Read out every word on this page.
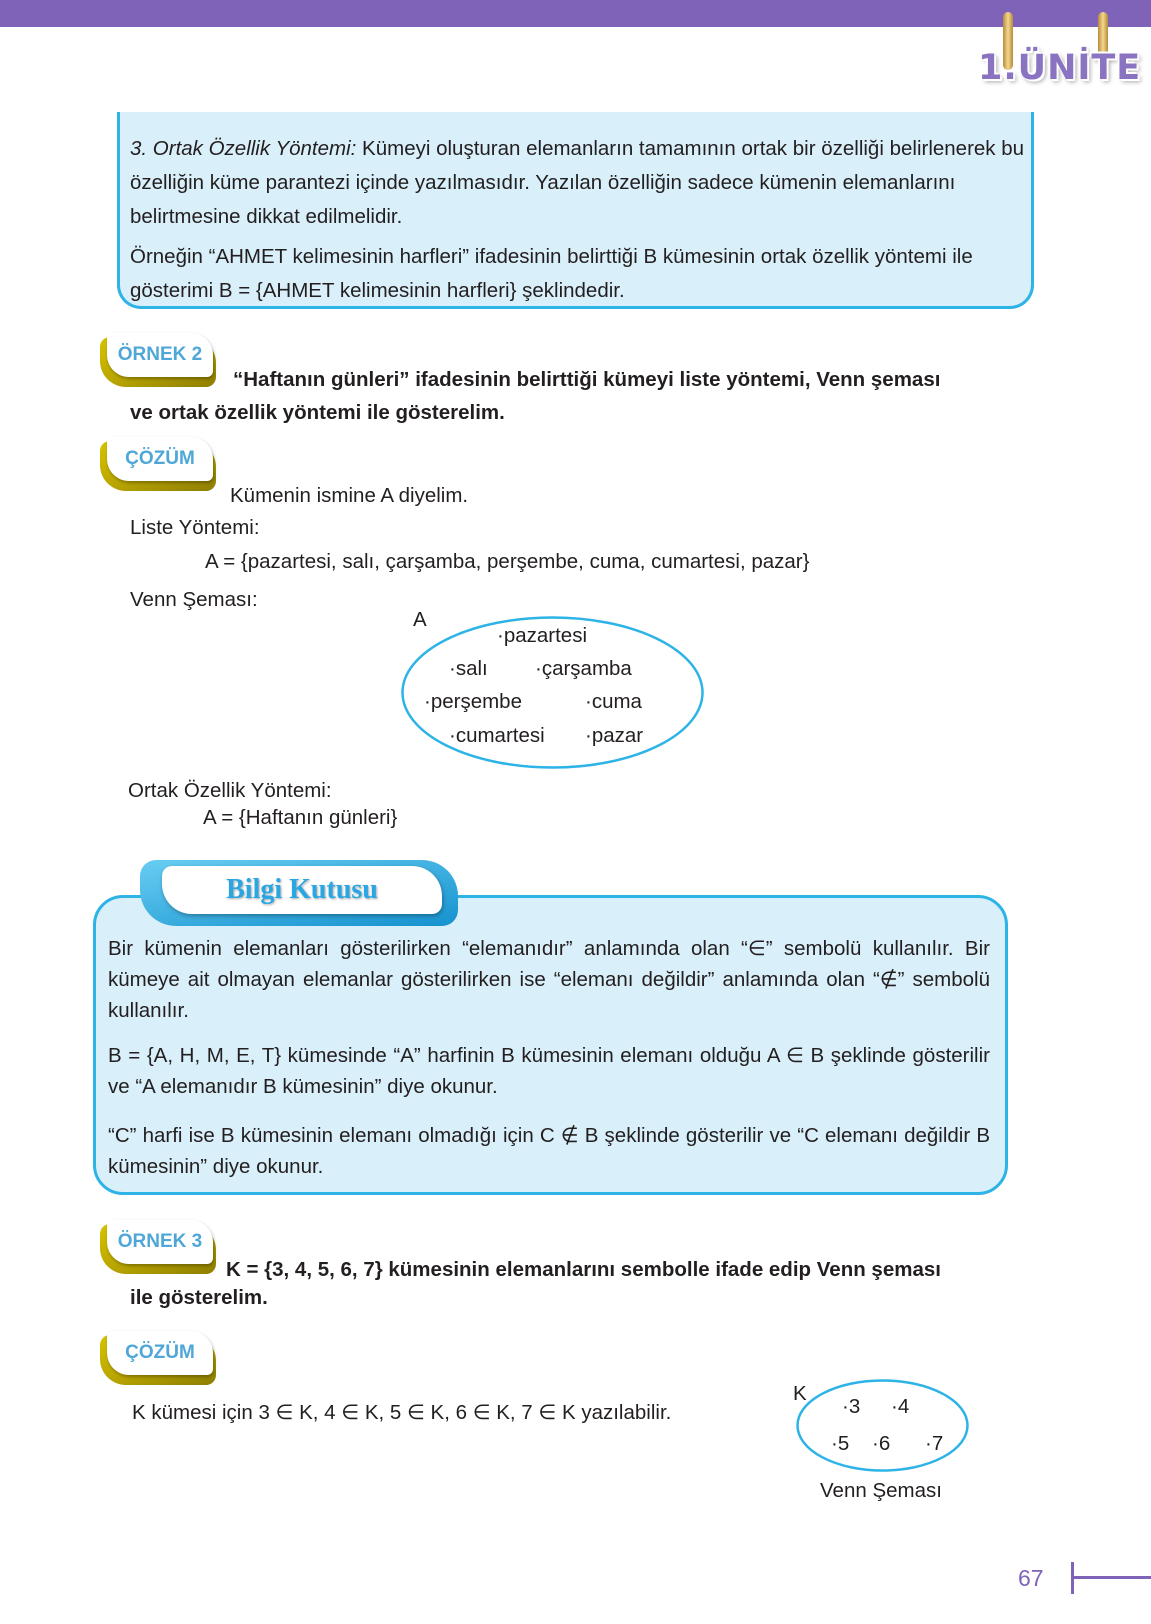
1.ÜNİTE

3. Ortak Özellik Yöntemi: Kümeyi oluşturan elemanların tamamının ortak bir özelliği belirlenerek bu özelliğin küme parantezi içinde yazılmasıdır. Yazılan özelliğin sadece kümenin elemanlarını belirtmesine dikkat edilmelidir.

Örneğin “AHMET kelimesinin harfleri” ifadesinin belirttiği B kümesinin ortak özellik yöntemi ile gösterimi B = {AHMET kelimesinin harfleri} şeklindedir.

ÖRNEK 2

“Haftanın günleri” ifadesinin belirttiği kümeyi liste yöntemi, Venn şeması

ve ortak özellik yöntemi ile gösterelim.

ÇÖZÜM

Kümenin ismine A diyelim.

Liste Yöntemi:

A = {pazartesi, salı, çarşamba, perşembe, cuma, cumartesi, pazar}

Venn Şeması:

A

·pazartesi
·salı ·çarşamba
·perşembe	·cuma
·cumartesi ·pazar

Ortak Özellik Yöntemi:

A = {Haftanın günleri}

Bilgi Kutusu

Bir kümenin elemanları gösterilirken “elemanıdır” anlamında olan “∈” sembolü kullanılır. Bir kümeye ait olmayan elemanlar gösterilirken ise “elemanı değildir” anlamında olan “∉” sembolü kullanılır.

B = {A, H, M, E, T} kümesinde “A” harfinin B kümesinin elemanı olduğu A ∈ B şeklinde gösterilir ve “A elemanıdır B kümesinin” diye okunur.

“C” harfi ise B kümesinin elemanı olmadığı için C ∉ B şeklinde gösterilir ve “C elemanı değildir B kümesinin” diye okunur.

ÖRNEK 3

K = {3, 4, 5, 6, 7} kümesinin elemanlarını sembolle ifade edip Venn şeması

ile gösterelim.

ÇÖZÜM

K kümesi için 3 ∈ K, 4 ∈ K, 5 ∈ K, 6 ∈ K, 7 ∈ K yazılabilir.

K

·3 ·4
·5 ·6 ·7

Venn Şeması

67
